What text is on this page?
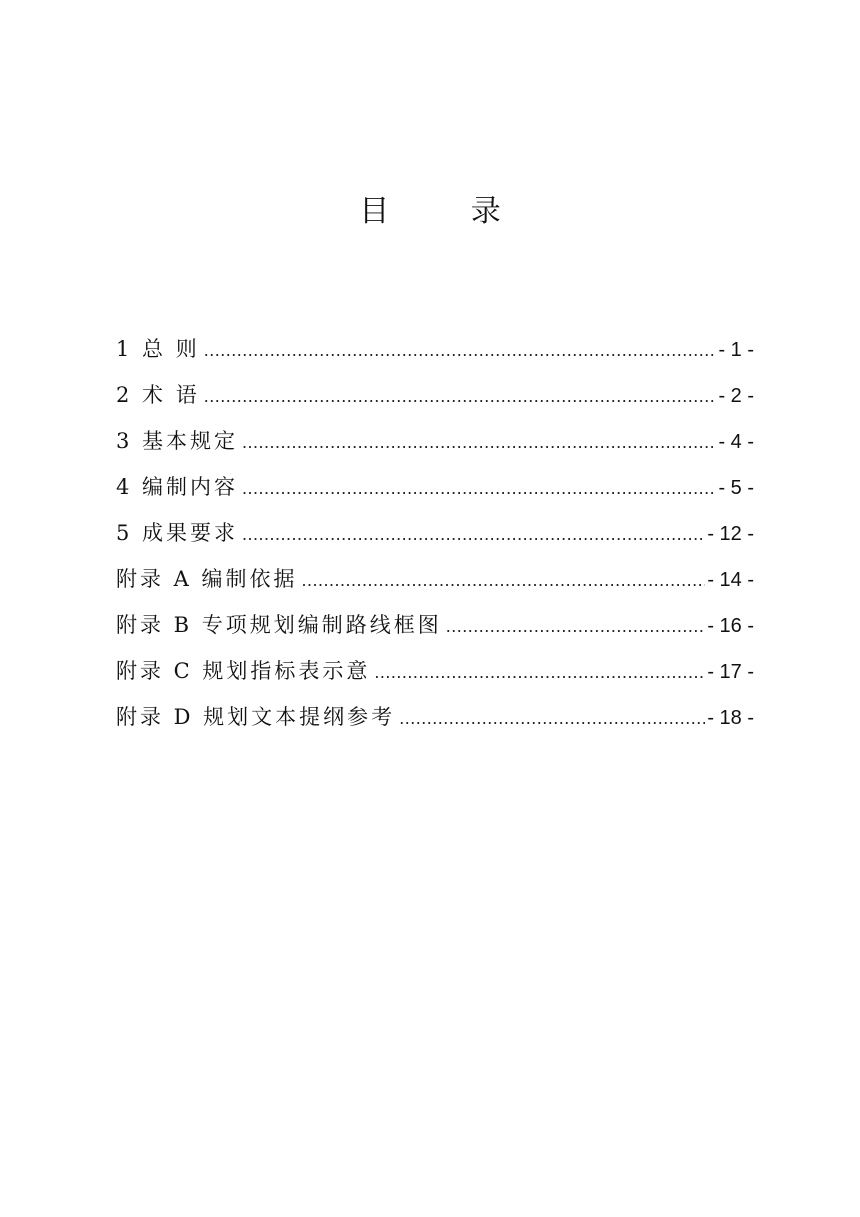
目 录
1 总 则 .....	- 1 -
2 术 语 .....	- 2 -
3 基本规定 .....	- 4 -
4 编制内容 .....	- 5 -
5 成果要求 .....	- 12 -
附录 A 编制依据 .....	- 14 -
附录 B 专项规划编制路线框图 .....	- 16 -
附录 C 规划指标表示意 .....	- 17 -
附录 D 规划文本提纲参考 .....	- 18 -
